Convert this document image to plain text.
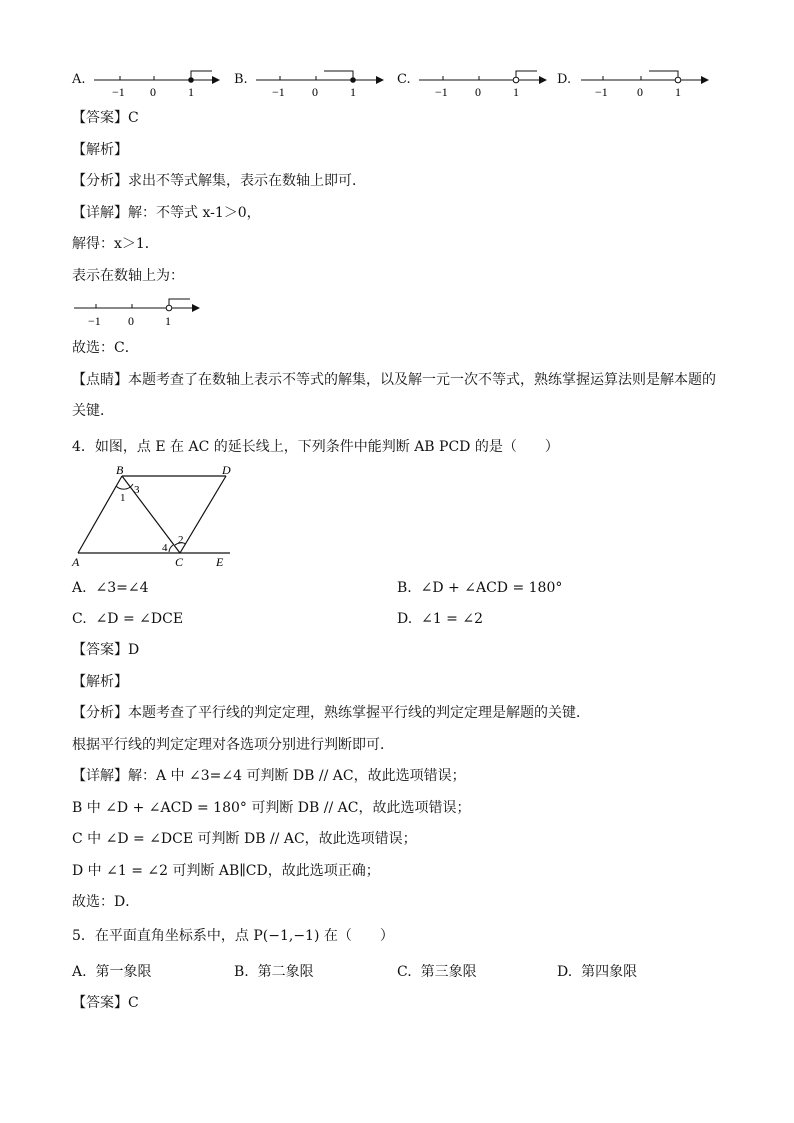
A.
−1 0	1
B.
−1 0	1
C.
−1 0	1
D.
−1 0	1
【答案】C
【解析】
【分析】求出不等式解集，表示在数轴上即可．
【详解】解：不等式 x-1＞0，
解得：x＞1．
表示在数轴上为：
−1 0	1
故选：C．
【点睛】本题考查了在数轴上表示不等式的解集，以及解一元一次不等式，熟练掌握运算法则是解本题的
关键．
4．如图，点 E 在 AC 的延长线上，下列条件中能判断 AB PCD 的是（　　）
B	D
A	C	E
1
2
3
4
A. ∠3=∠4	B. ∠D + ∠ACD = 180°
C. ∠D = ∠DCE	D. ∠1 = ∠2
【答案】D
【解析】
【分析】本题考查了平行线的判定定理，熟练掌握平行线的判定定理是解题的关键．
根据平行线的判定定理对各选项分别进行判断即可．
【详解】解：A 中 ∠3=∠4 可判断 DB // AC，故此选项错误；
B 中 ∠D + ∠ACD = 180° 可判断 DB // AC，故此选项错误；
C 中 ∠D = ∠DCE 可判断 DB // AC，故此选项错误；
D 中 ∠1 = ∠2 可判断 AB∥CD，故此选项正确；
故选：D．
5．在平面直角坐标系中，点 P(−1,−1) 在（　　）
A. 第一象限	B. 第二象限	C. 第三象限	D. 第四象限
【答案】C
